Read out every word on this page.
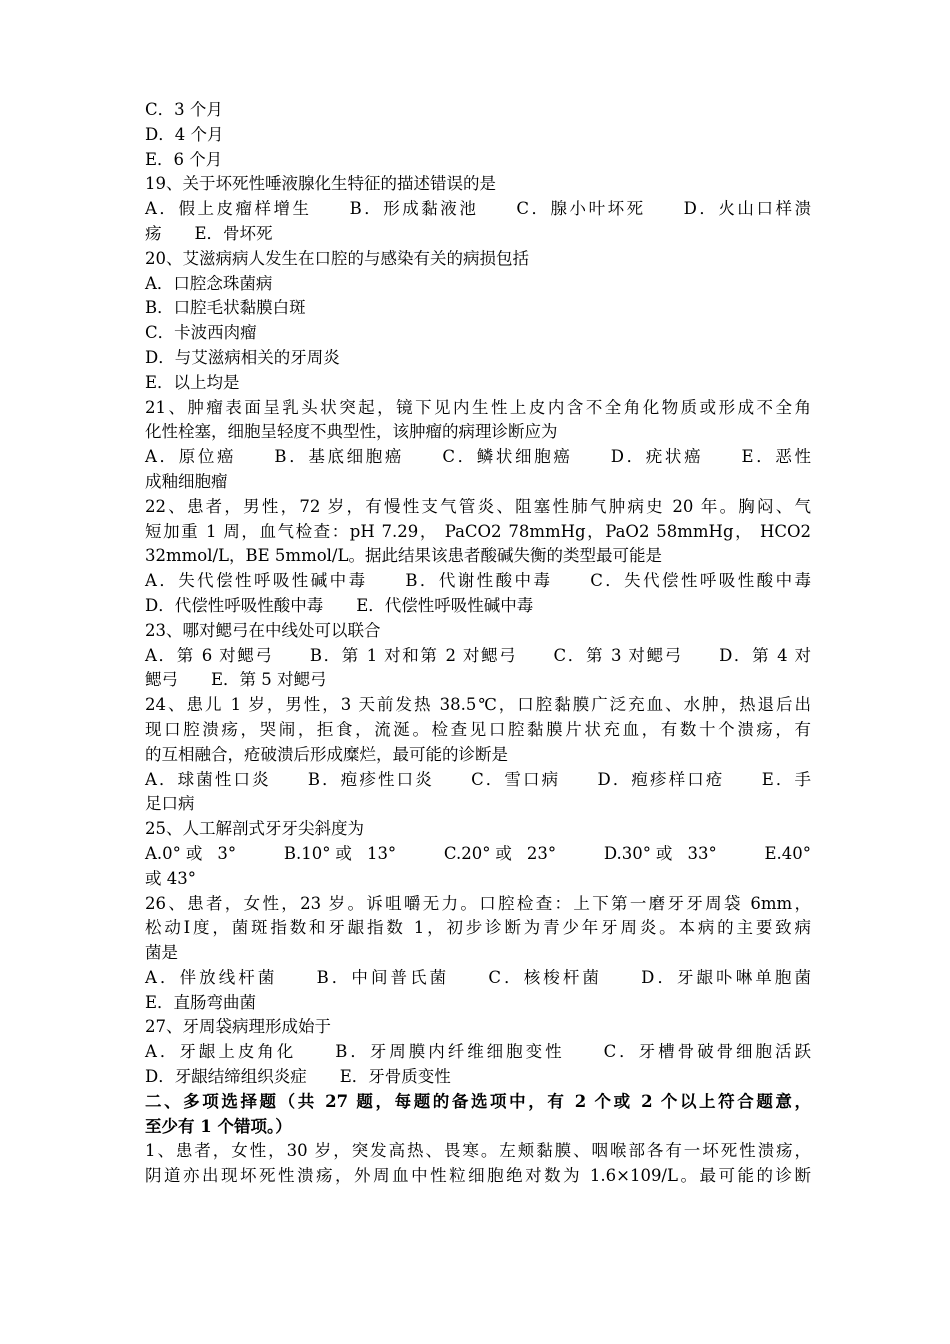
C．3 个月
D．4 个月
E．6 个月
19、关于坏死性唾液腺化生特征的描述错误的是
A．假上皮瘤样增生　　B．形成黏液池　　C．腺小叶坏死　　D．火山口样溃
疡　　E．骨坏死
20、艾滋病病人发生在口腔的与感染有关的病损包括
A．口腔念珠菌病
B．口腔毛状黏膜白斑
C．卡波西肉瘤
D．与艾滋病相关的牙周炎
E．以上均是
21、肿瘤表面呈乳头状突起，镜下见内生性上皮内含不全角化物质或形成不全角
化性栓塞，细胞呈轻度不典型性，该肿瘤的病理诊断应为
A．原位癌　　B．基底细胞癌　　C．鳞状细胞癌　　D．疣状癌　　E．恶性
成釉细胞瘤
22、患者，男性，72 岁，有慢性支气管炎、阻塞性肺气肿病史 20 年。胸闷、气
短加重 1 周，血气检查：pH 7.29， PaCO2 78mmHg，PaO2 58mmHg， HCO2
32mmol/L，BE 5mmol/L。据此结果该患者酸碱失衡的类型最可能是
A．失代偿性呼吸性碱中毒　　B．代谢性酸中毒　　C．失代偿性呼吸性酸中毒
D．代偿性呼吸性酸中毒　　E．代偿性呼吸性碱中毒
23、哪对鳃弓在中线处可以联合
A．第 6 对鳃弓　　B．第 1 对和第 2 对鳃弓　　C．第 3 对鳃弓　　D．第 4 对
鳃弓　　E．第 5 对鳃弓
24、患儿 1 岁，男性，3 天前发热 38.5℃，口腔黏膜广泛充血、水肿，热退后出
现口腔溃疡，哭闹，拒食，流涎。检查见口腔黏膜片状充血，有数十个溃疡，有
的互相融合，疮破溃后形成糜烂，最可能的诊断是
A．球菌性口炎　　B．疱疹性口炎　　C．雪口病　　D．疱疹样口疮　　E．手
足口病
25、人工解剖式牙牙尖斜度为
A.0°或 3°　　B.10°或 13°　　C.20°或 23°　　D.30°或 33°　　E.40°
或 43°
26、患者，女性，23 岁。诉咀嚼无力。口腔检查：上下第一磨牙牙周袋 6mm，
松动Ⅰ度，菌斑指数和牙龈指数 1，初步诊断为青少年牙周炎。本病的主要致病
菌是
A．伴放线杆菌　　B．中间普氏菌　　C．核梭杆菌　　D．牙龈卟啉单胞菌
E．直肠弯曲菌
27、牙周袋病理形成始于
A．牙龈上皮角化　　B．牙周膜内纤维细胞变性　　C．牙槽骨破骨细胞活跃
D．牙龈结缔组织炎症　　E．牙骨质变性
二、多项选择题（共 27 题，每题的备选项中，有 2 个或 2 个以上符合题意，
至少有 1 个错项。）
1、患者，女性，30 岁，突发高热、畏寒。左颊黏膜、咽喉部各有一坏死性溃疡，
阴道亦出现坏死性溃疡，外周血中性粒细胞绝对数为 1.6×109/L。最可能的诊断
